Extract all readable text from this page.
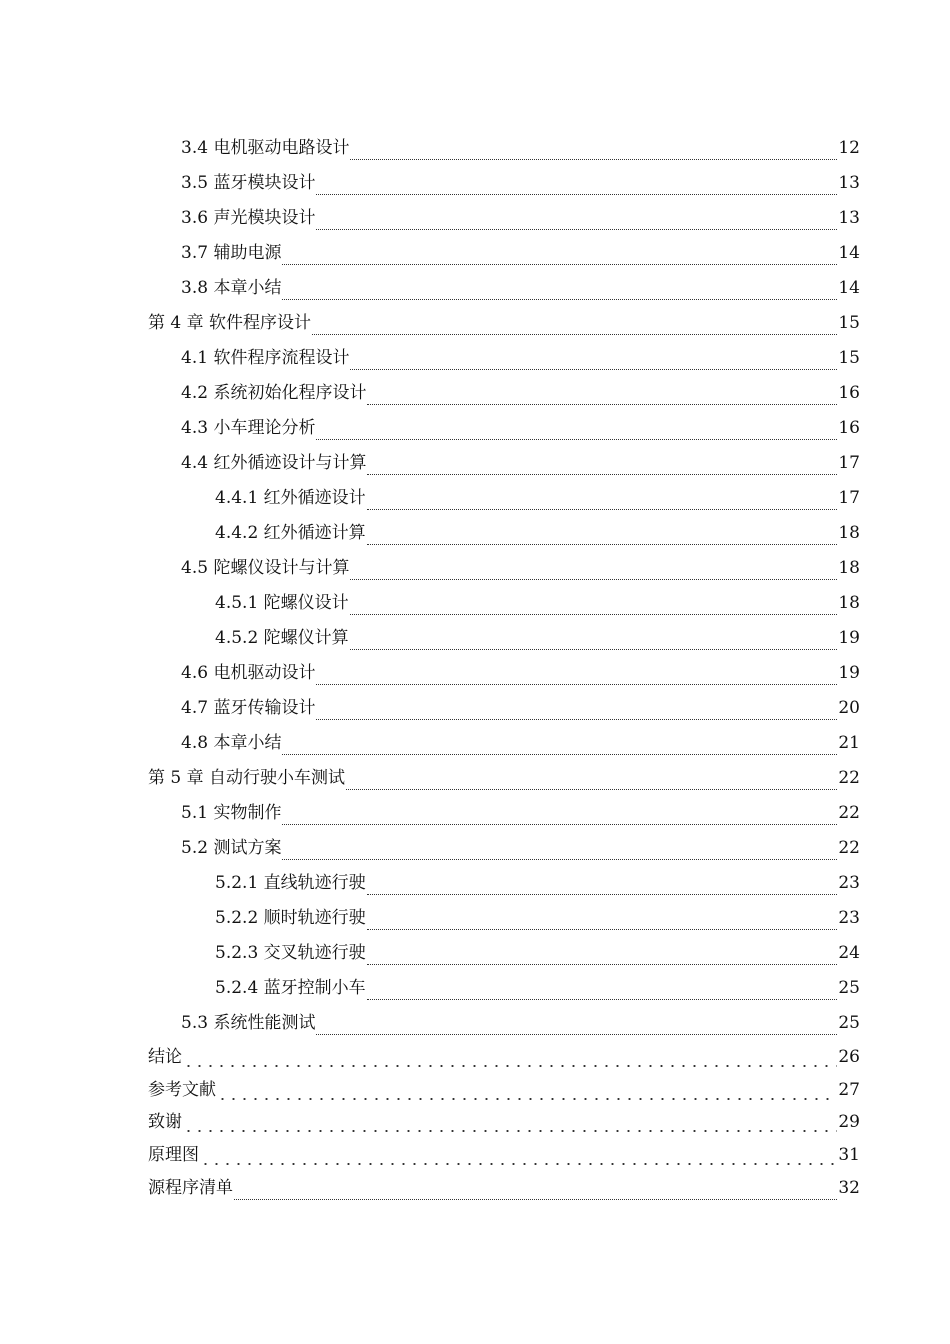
3.4 电机驱动电路设计	12
3.5 蓝牙模块设计	13
3.6 声光模块设计	13
3.7 辅助电源	14
3.8 本章小结	14
第 4 章 软件程序设计	15
4.1 软件程序流程设计	15
4.2 系统初始化程序设计	16
4.3 小车理论分析	16
4.4 红外循迹设计与计算	17
4.4.1 红外循迹设计	17
4.4.2 红外循迹计算	18
4.5 陀螺仪设计与计算	18
4.5.1 陀螺仪设计	18
4.5.2 陀螺仪计算	19
4.6 电机驱动设计	19
4.7 蓝牙传输设计	20
4.8 本章小结	21
第 5 章 自动行驶小车测试	22
5.1 实物制作	22
5.2 测试方案	22
5.2.1 直线轨迹行驶	23
5.2.2 顺时轨迹行驶	23
5.2.3 交叉轨迹行驶	24
5.2.4 蓝牙控制小车	25
5.3 系统性能测试	25
结论	26
参考文献	27
致谢	29
原理图	31
源程序清单	32
